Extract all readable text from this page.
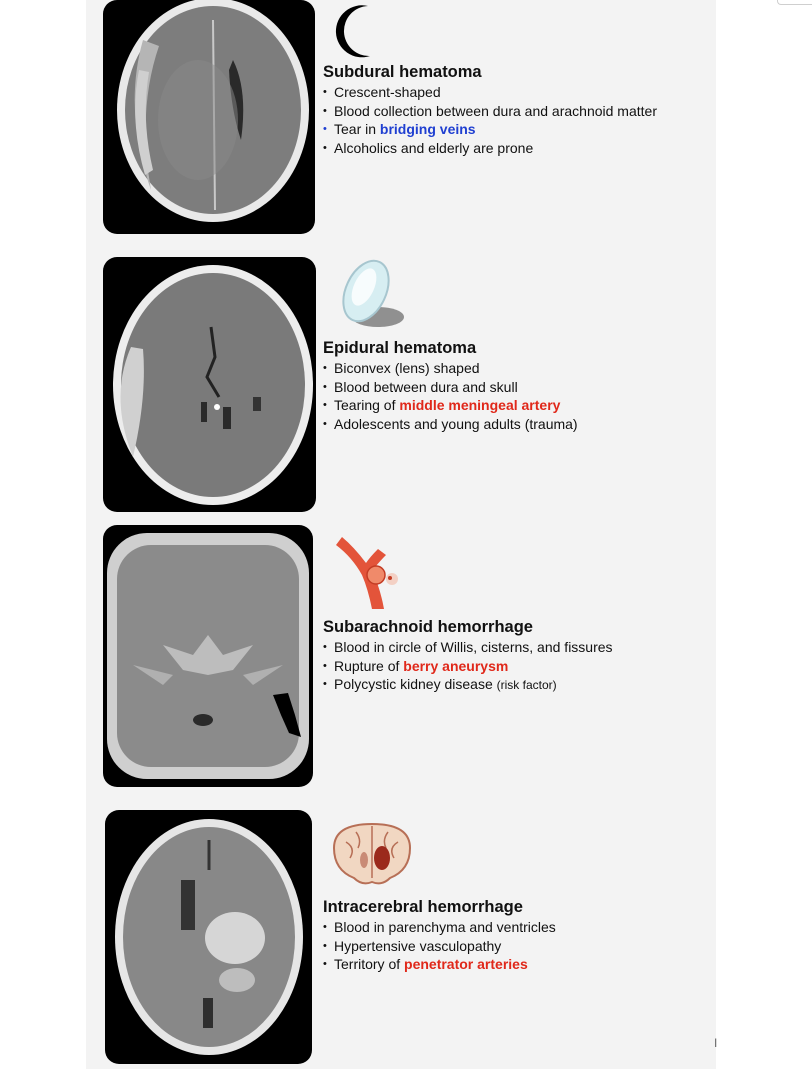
Subdural hematoma
• Crescent-shaped
• Blood collection between dura and arachnoid matter
• Tear in bridging veins
• Alcoholics and elderly are prone
Epidural hematoma
• Biconvex (lens) shaped
• Blood between dura and skull
• Tearing of middle meningeal artery
• Adolescents and young adults (trauma)
Subarachnoid hemorrhage
• Blood in circle of Willis, cisterns, and fissures
• Rupture of berry aneurysm
• Polycystic kidney disease (risk factor)
Intracerebral hemorrhage
• Blood in parenchyma and ventricles
• Hypertensive vasculopathy
• Territory of penetrator arteries
I
